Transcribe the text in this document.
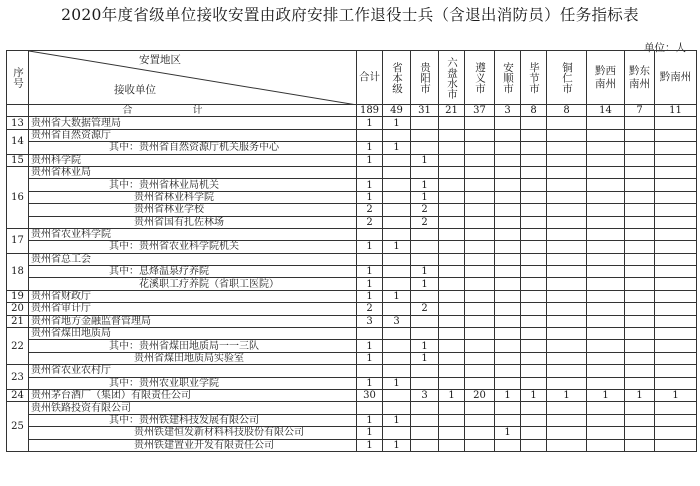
2020年度省级单位接收安置由政府安排工作退役士兵（含退出消防员）任务指标表
单位：人
序号	安置地区
接收单位	合计	省本级	贵阳市	六盘水市	遵义市	安顺市	毕节市	铜仁市	黔西南州	黔东南州	黔南州
	合计	189	49	31	21	37	3	8	8	14	7	11
13	贵州省大数据管理局	1	1									
14	贵州省自然资源厅											
	其中：贵州省自然资源厅机关服务中心	1	1									
15	贵州科学院	1		1								
16	贵州省林业局											
	其中：贵州省林业局机关	1		1								
	贵州省林业科学院	1		1								
	贵州省林业学校	2		2								
	贵州省国有扎佐林场	2		2								
17	贵州省农业科学院											
	其中：贵州省农业科学院机关	1	1									
18	贵州省总工会											
	其中：息烽温泉疗养院	1		1								
	花溪职工疗养院（省职工医院）	1		1								
19	贵州省财政厅	1	1									
20	贵州省审计厅	2		2								
21	贵州省地方金融监督管理局	3	3									
22	贵州省煤田地质局											
	其中：贵州省煤田地质局一一三队	1		1								
	贵州省煤田地质局实验室	1		1								
23	贵州省农业农村厅											
	其中：贵州农业职业学院	1	1									
24	贵州茅台酒厂（集团）有限责任公司	30		3	1	20	1	1	1	1	1	1
25	贵州铁路投资有限公司											
	其中：贵州铁建科技发展有限公司	1	1									
	贵州铁建恒发新材料科技股份有限公司	1					1					
	贵州铁建置业开发有限责任公司	1	1									
